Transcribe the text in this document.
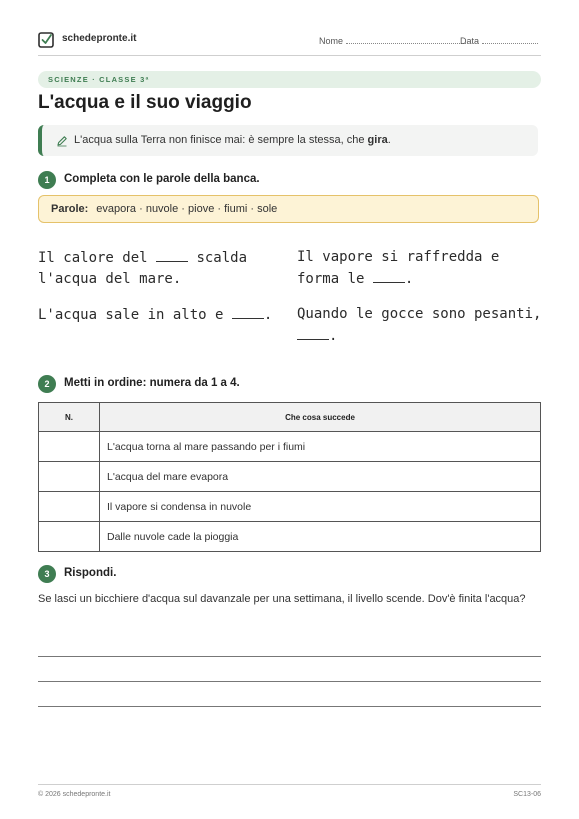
schedepronte.it	Nome	Data
SCIENZE · CLASSE 3ª
L'acqua e il suo viaggio
L'acqua sulla Terra non finisce mai: è sempre la stessa, che gira.
1	Completa con le parole della banca.
Parole: evapora · nuvole · piove · fiumi · sole
Il calore del  scalda l'acqua del mare.
Il vapore si raffredda e forma le .
L'acqua sale in alto e .	Quando le gocce sono pesanti, .
2	Metti in ordine: numera da 1 a 4.
N.	Che cosa succede
	L'acqua torna al mare passando per i fiumi
	L'acqua del mare evapora
	Il vapore si condensa in nuvole
	Dalle nuvole cade la pioggia
3	Rispondi.
Se lasci un bicchiere d'acqua sul davanzale per una settimana, il livello scende. Dov'è finita l'acqua?
© 2026 schedepronte.it	SC13-06
